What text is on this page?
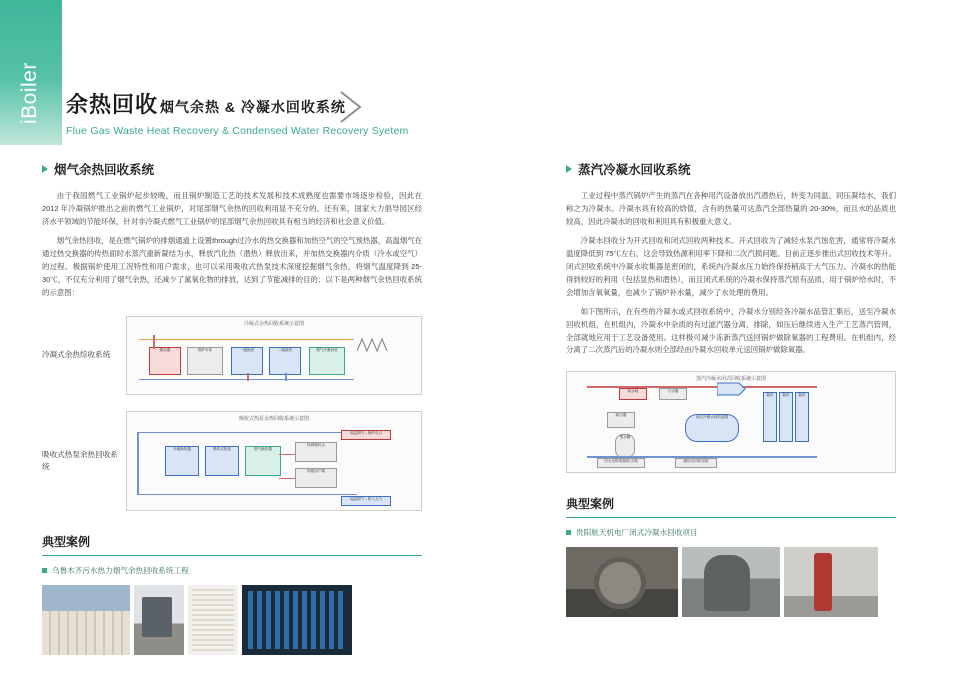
iBoiler 余热回收 烟气余热 & 冷凝水回收系统
Flue Gas Waste Heat Recovery & Condensed Water Recovery Syetem
烟气余热回收系统
由于我国燃气工业锅炉起步较晚，而且锅炉制造工艺的技术发展和技术成熟度也需要市场逐步检验，因此在 2012 年冷凝锅炉推出之前的燃气工业锅炉，对尾部烟气余热的回收利用显不充分的。还有来，国家大力倡导园区经济水平领域的节能环保，针对非冷凝式燃气工业锅炉的尾部烟气余热回收具有相当的经济和社会意义价值。
烟气余热回收，是在燃气锅炉的排烟通道上设置through过冷水的热交换器和加热空气的空气预热器，高温烟气在通过热交换器的传热面时水蒸汽重新凝结为水，释放汽化热（潜热）释放出来，并加热交换器内介质（冷水或空气）的过程。极据锅炉使用工况特性和用户需求，也可以采用吸收式热泵技术深度挖掘烟气余热，将烟气温度降到 25-30℃，不仅充分利用了烟气余热，还减少了氮氧化物的排放，达到了节能减排的目的；以下是两种烟气余热回收系统的示意图：
冷凝式余热综收系统
冷凝式余热回收系统示意图
燃烧器	锅炉本体	一级换热	二级换热	烟气冷凝回收
吸收式热泵余热回收系统
吸收式热泵余热回收系统示意图
冷凝换热器	吸收式热泵	烟气换热器
热网循环水
供暖用户端
高温烟气→锅炉出口
低温烟气→排入大气
典型案例
乌鲁木齐污水热力烟气余热回收系统工程
蒸汽冷凝水回收系统
工业过程中蒸汽锅炉产生的蒸汽在各种用汽设备放出汽潜热后，转变为同温、同压凝结水，我们称之为冷凝水。冷凝水具有较高的焓值，含有的热量可达蒸汽全部热量的 20-30%，而且水的品质也较高，因此冷凝水的回收和利用具有积极重大意义。
冷凝水回收分为开式回收和闭式回收两种技术。开式回收为了减轻水泵汽蚀危害，通常将冷凝水温度降低到 75℃左右，这会导致热源利用率下降和二次汽损问题。目前正逐步推出式回收技术等升。闭式回收系统中冷凝水收集器是密闭的，系统内冷凝水压力始终保持稍高于大气压力。冷凝水的热能得到较好的利用（包括显热和潜热），而且闭式系统的冷凝水保持蒸汽原有品质，用于锅炉给水时，不会增加含氧氧量，也减少了锅炉补水量，减少了水处理的费用。
如下图所示，在有些的冷凝水或式回收系统中，冷凝水分别经各冷凝水品管汇集后，送至冷凝水回收机组，在机组内，冷凝水中杂质的有过滤汽器分离、排除，如压后继续进入生产工艺蒸汽管网，全部就地应用于工艺设备使用。这样极可减少冻新蒸汽送回锅炉做除氧器的工程费用。在机组内，经分离了二次蒸汽后的冷凝水则全部经由冷凝水回收单元送回锅炉做除氧器。
蒸汽冷凝水闭式回收系统示意图
疏水阀	分水器
换热	换热	换热
除污器
集水罐
闭式冷凝水回收装置
凝结水回收泵组
回水至除氧器/软水箱
典型案例
贵阳航天机电厂闭式冷凝水回收项目
